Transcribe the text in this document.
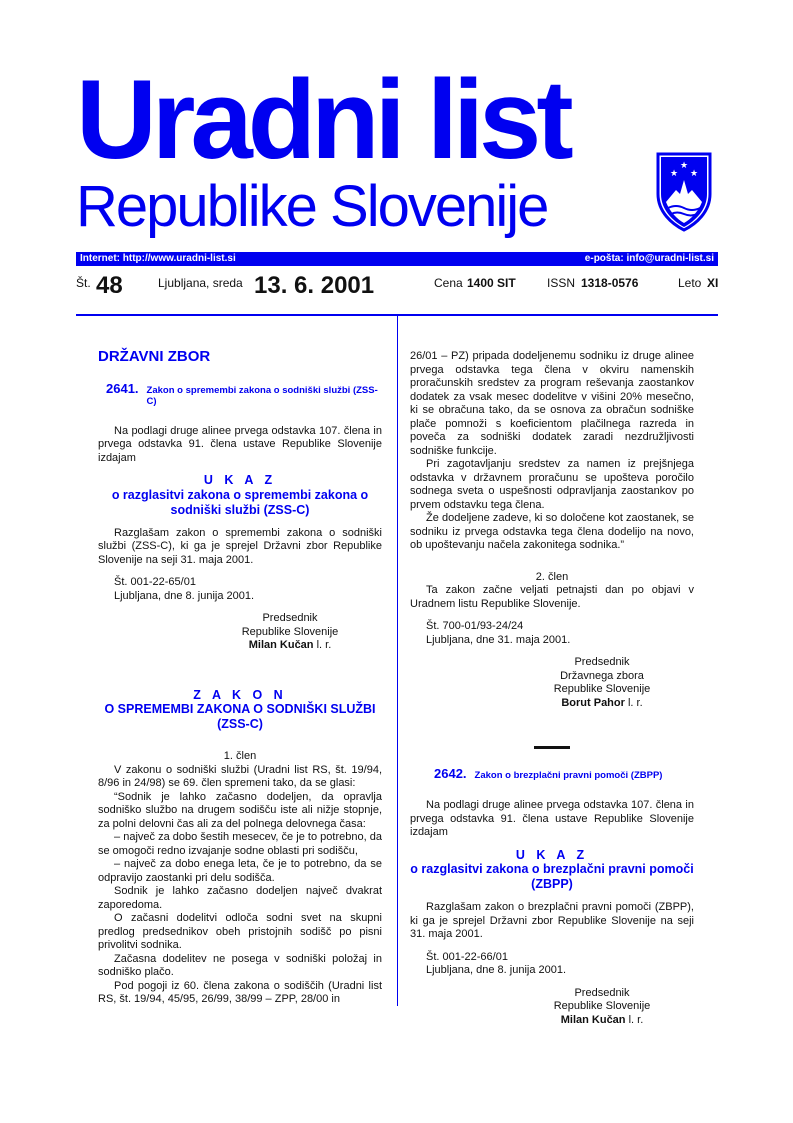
Uradni list
Republike Slovenije
★
★ ★
Internet: http://www.uradni-list.si	e-pošta: info@uradni-list.si
Št. 48	Ljubljana, sreda 13. 6. 2001	Cena 1400 SIT	ISSN 1318-0576	Leto XI

DRŽAVNI ZBOR

2641. Zakon o spremembi zakona o sodniški službi (ZSS-C)

Na podlagi druge alinee prvega odstavka 107. člena in prvega odstavka 91. člena ustave Republike Slovenije izdajam

U K A Z

o razglasitvi zakona o spremembi zakona o sodniški službi (ZSS-C)

Razglašam zakon o spremembi zakona o sodniški službi (ZSS-C), ki ga je sprejel Državni zbor Republike Slovenije na seji 31. maja 2001.

Št. 001-22-65/01

Ljubljana, dne 8. junija 2001.

Predsednik

Republike Slovenije

Milan Kučan l. r.

Z A K O N

O SPREMEMBI ZAKONA O SODNIŠKI SLUŽBI (ZSS-C)

1. člen

V zakonu o sodniški službi (Uradni list RS, št. 19/94, 8/96 in 24/98) se 69. člen spremeni tako, da se glasi:

“Sodnik je lahko začasno dodeljen, da opravlja sodniško službo na drugem sodišču iste ali nižje stopnje, za polni delovni čas ali za del polnega delovnega časa:

– največ za dobo šestih mesecev, če je to potrebno, da se omogoči redno izvajanje sodne oblasti pri sodišču,

– največ za dobo enega leta, če je to potrebno, da se odpravijo zaostanki pri delu sodišča.

Sodnik je lahko začasno dodeljen največ dvakrat zaporedoma.

O začasni dodelitvi odloča sodni svet na skupni predlog predsednikov obeh pristojnih sodišč po pisni privolitvi sodnika.

Začasna dodelitev ne posega v sodniški položaj in sodniško plačo.

Pod pogoji iz 60. člena zakona o sodiščih (Uradni list RS, št. 19/94, 45/95, 26/99, 38/99 – ZPP, 28/00 in

26/01 – PZ) pripada dodeljenemu sodniku iz druge alinee prvega odstavka tega člena v okviru namenskih proračunskih sredstev za program reševanja zaostankov dodatek za vsak mesec dodelitve v višini 20% mesečno, ki se obračuna tako, da se osnova za obračun sodniške plače pomnoži s koeficientom plačilnega razreda in poveča za sodniški dodatek zaradi nezdružljivosti sodniške funkcije.

Pri zagotavljanju sredstev za namen iz prejšnjega odstavka v državnem proračunu se upošteva poročilo sodnega sveta o uspešnosti odpravljanja zaostankov po prvem odstavku tega člena.

Že dodeljene zadeve, ki so določene kot zaostanek, se sodniku iz prvega odstavka tega člena dodelijo na novo, ob upoštevanju načela zakonitega sodnika.”

2. člen

Ta zakon začne veljati petnajsti dan po objavi v Uradnem listu Republike Slovenije.

Št. 700-01/93-24/24

Ljubljana, dne 31. maja 2001.

Predsednik

Državnega zbora

Republike Slovenije

Borut Pahor l. r.

2642. Zakon o brezplačni pravni pomoči (ZBPP)

Na podlagi druge alinee prvega odstavka 107. člena in prvega odstavka 91. člena ustave Republike Slovenije izdajam

U K A Z

o razglasitvi zakona o brezplačni pravni pomoči (ZBPP)

Razglašam zakon o brezplačni pravni pomoči (ZBPP), ki ga je sprejel Državni zbor Republike Slovenije na seji 31. maja 2001.

Št. 001-22-66/01

Ljubljana, dne 8. junija 2001.

Predsednik

Republike Slovenije

Milan Kučan l. r.
